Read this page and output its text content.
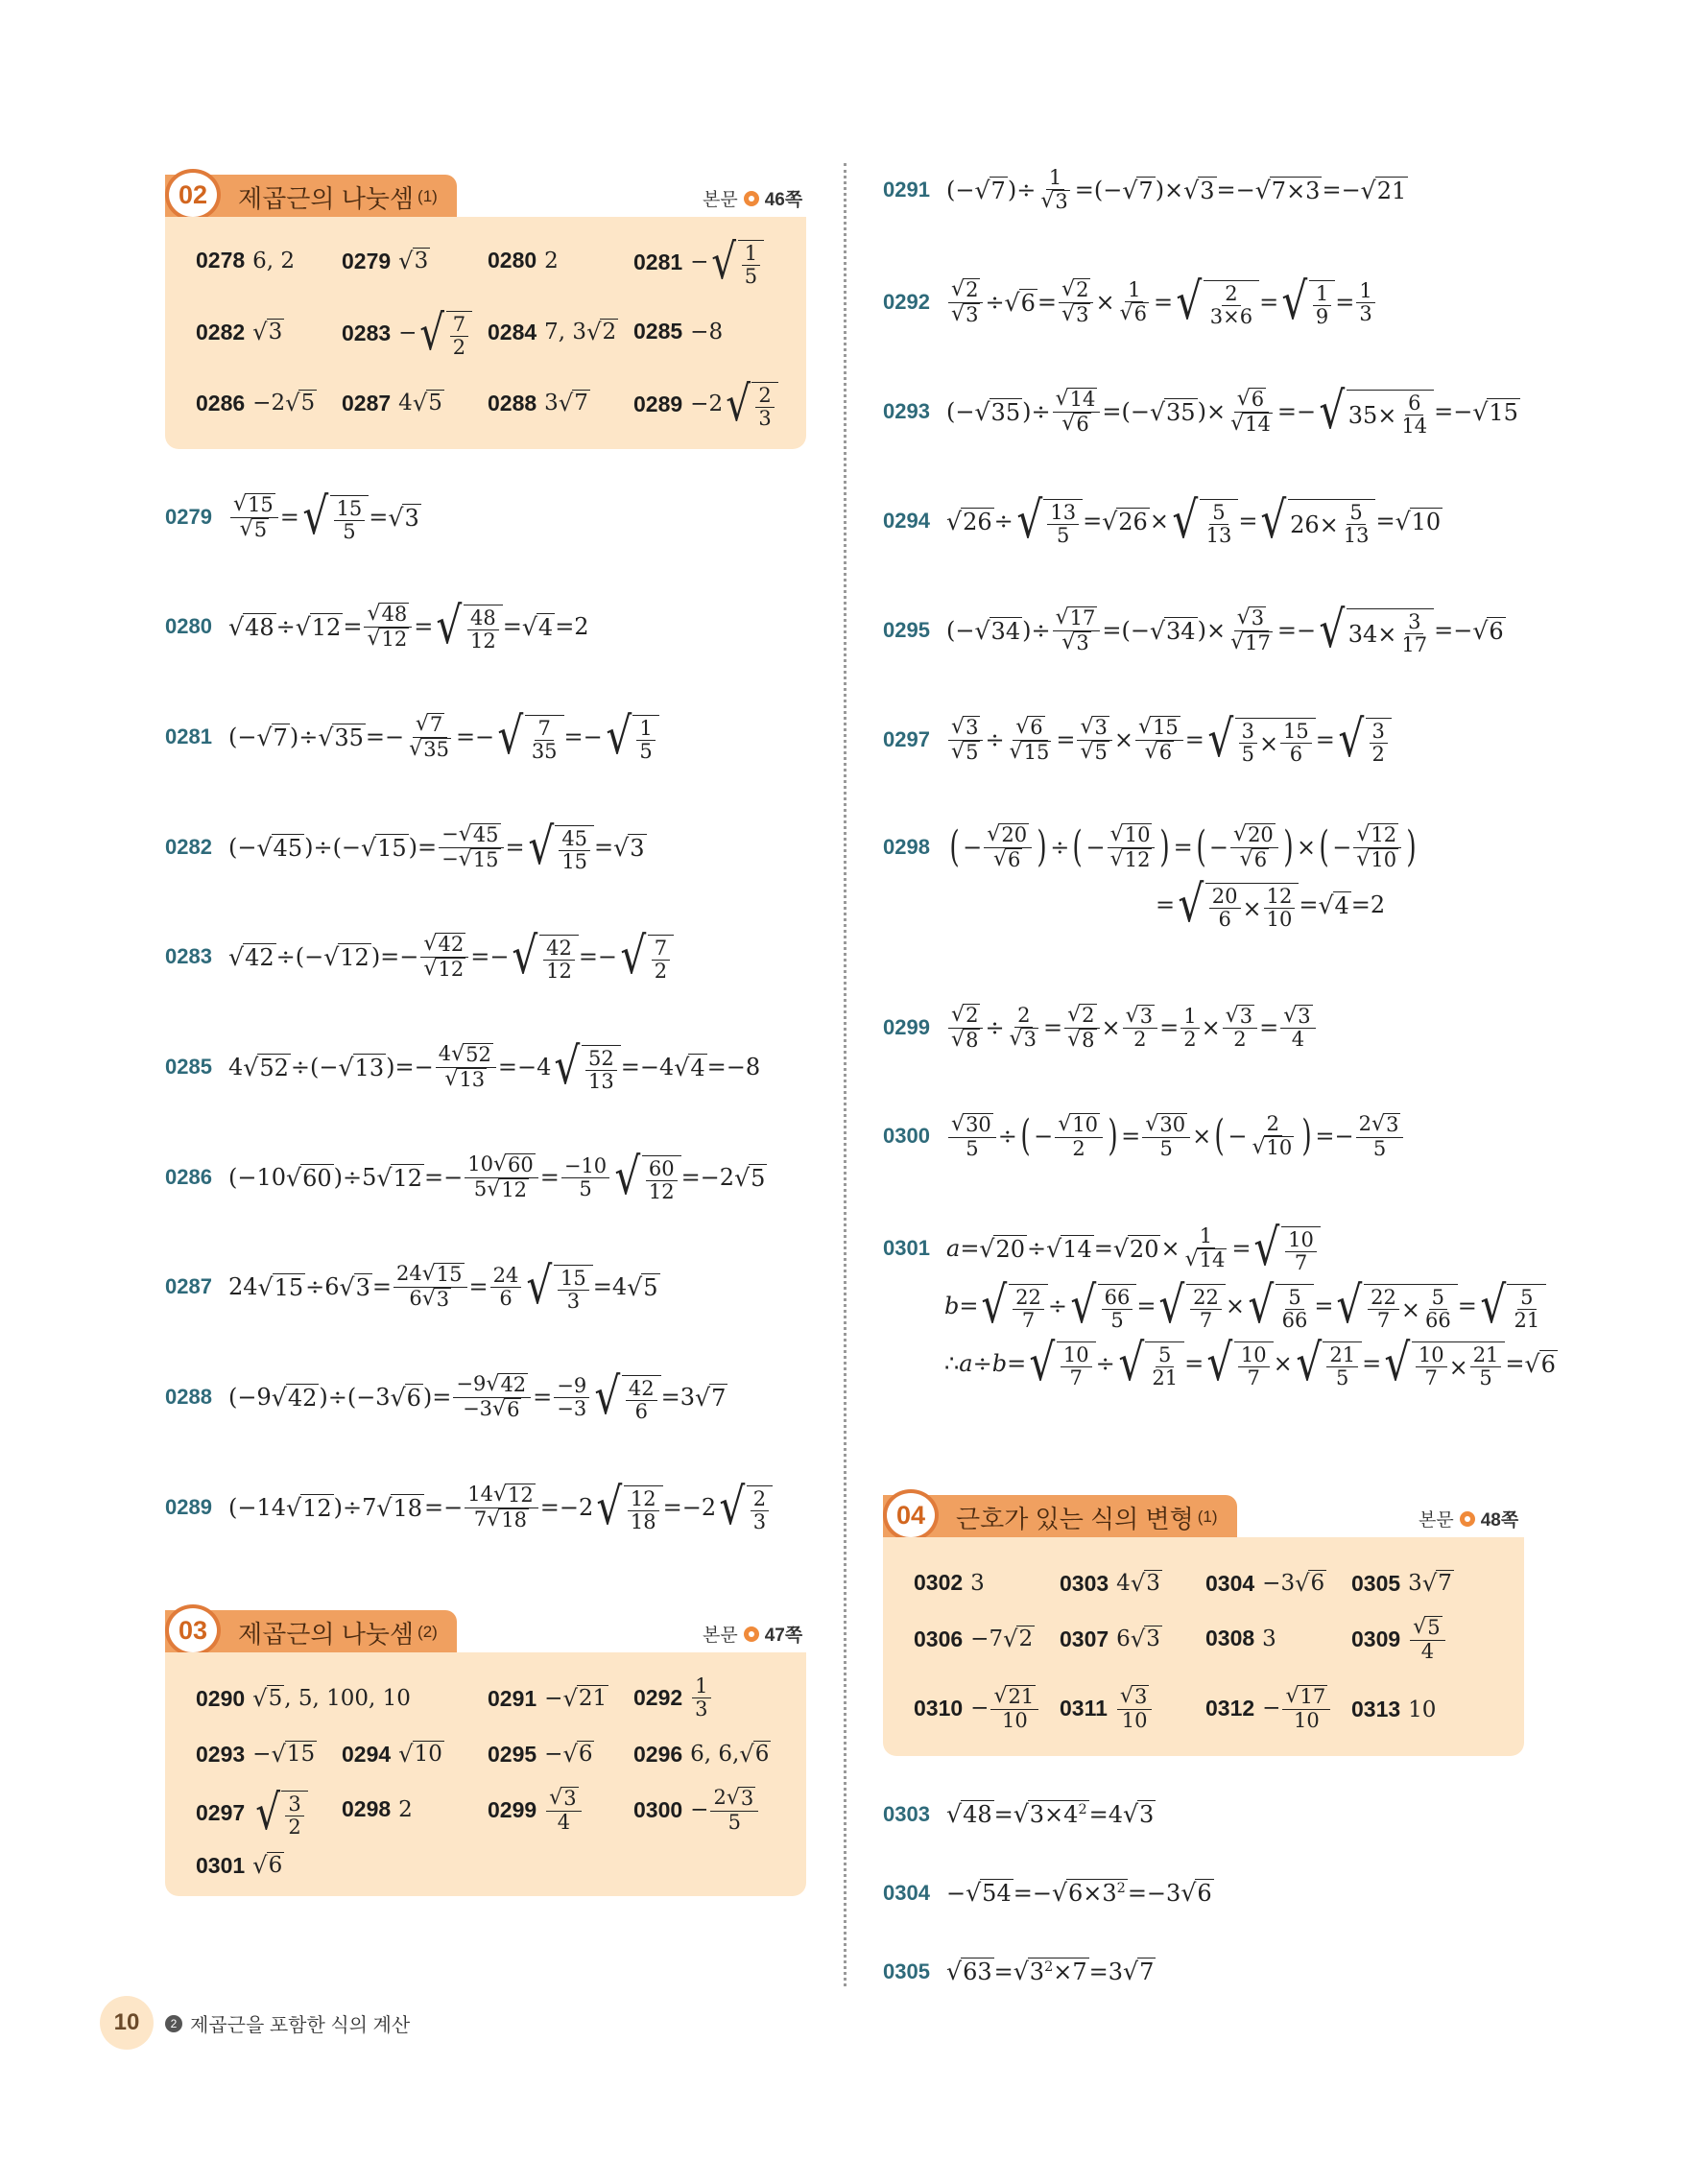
02	제곱근의 나눗셈 (1)	본문 46쪽
0278 6, 2 0279 √ 3	0280 2	0281 − √ $\frac{1}{5}$
0282 √ 3	0283 − √ $\frac{7}{2} 0284$ 7, 3 √ 2 0285 −8
0286 −2 √ 5 0287 4 √ 5 0288 3 √ 7 0289 −2 √ $\frac{2}{3}$
$0279 \frac{√ 15}{√ 5}$ = √ $\frac{15}{5}$ = √ 3
0280 √ 48 ÷ √ $12 = \frac{√ 48}{√ 12}$ = √ $\frac{48}{12}$ = √ 4 =2
0281 (− √ 7 )÷ √ $35 =- \frac{√ 7}{√ 35}$ =− √ $\frac{7}{35}$ =− √ $\frac{1}{5}$
0282 (− √ 45 )÷(− √ 15 )= $\frac{- √ 45}{- √ 15}$ = √ $\frac{45}{15}$ = √ 3
0283 √ 42 ÷(− √ 12 )=− $\frac{√ 42}{√ 12}$ =− √ $\frac{42}{12}$ =− √ $\frac{7}{2}$
0285 4 √ 52 ÷(− √ 13 )=− $\frac{4 √ 52}{√ 13} =-4$ √ $\frac{52}{13} =-4$ √ 4 =−8
0286 (−10 √ 60 )÷5 √ $12 =- \frac{10 √ 60}{5 √ 12} = \frac{-10}{5}$ √ $\frac{60}{12} =-2$ √ 5
0287 24 √ 15 ÷6 √ $3 = \frac{24 √ 15}{6 √ 3} = \frac{24}{6}$ √ $\frac{15}{3} =4$ √ 5
0288 (−9 √ 42 )÷(−3 √ 6 )= $\frac{-9 √ 42}{-3 √ 6} = \frac{-9}{-3}$ √ $\frac{42}{6} =3$ √ 7
0289 (−14 √ 12 )÷7 √ $18 =- \frac{14 √ 12}{7 √ 18} =-2$ √ $\frac{12}{18} =-2$ √ $\frac{2}{3}$
03	제곱근의 나눗셈 (2)	본문 47쪽
0290 √ 5 , 5, 100, 10	0291 − √ 21 $0292 \frac{1}{3}$
0293 − √ 15 0294 √ 10 0295 − √ 6 0296 6, 6, √ 6
0297 √ $\frac{3}{2} 0298$ 2	$0299 \frac{√ 3}{4} 0300 - \frac{2 √ 3}{5}$
0301 √ 6
0291 (− √ 7 )÷ $\frac{1}{√ 3}$ =(− √ 7 )× √ 3 =− √ 7×3 =− √ 21
$0292 \frac{√ 2}{√ 3}$ ÷ √ $6 = \frac{√ 2}{√ 3} \times \frac{1}{√ 6}$ = √ $\frac{2}{3\times 6}$ = √ $\frac{1}{9} = \frac{1}{3}$
0293 (− √ 35 )÷ $\frac{√ 14}{√ 6}$ =(− √ 35 )× $\frac{√ 6}{√ 14}$ =− √ $35\times \frac{6}{14}$ =− √ 15
0294 √ 26 ÷ √ $\frac{13}{5}$ = √ 26 × √ $\frac{5}{13}$ = √ $26\times \frac{5}{13}$ = √ 10
0295 (− √ 34 )÷ $\frac{√ 17}{√ 3}$ =(− √ 34 )× $\frac{√ 3}{√ 17}$ =− √ $34\times \frac{3}{17}$ =− √ 6
$0297 \frac{√ 3}{√ 5} \div \frac{√ 6}{√ 15} = \frac{√ 3}{√ 5} \times \frac{√ 15}{√ 6}$ = √ $\frac{3}{5} \times \frac{15}{6}$ = √ $\frac{3}{2}$
0298 ( − $\frac{√ 20}{√ 6}$ ) ÷ ( − $\frac{√ 10}{√ 12}$ ) = ( − $\frac{√ 20}{√ 6}$ ) × ( − $\frac{√ 12}{√ 10}$ )
= √ $\frac{20}{6} \times \frac{12}{10}$ = √ 4 =2
$0299 \frac{√ 2}{√ 8} \div \frac{2}{√ 3} = \frac{√ 2}{√ 8} \times \frac{√ 3}{2} = \frac{1}{2} \times \frac{√ 3}{2} = \frac{√ 3}{4}$
$0300 \frac{√ 30}{5}$ ÷ ( − $\frac{√ 10}{2}$ ) = $\frac{√ 30}{5}$ × ( − $\frac{2}{√ 10}$ ) =− $\frac{2 √ 3}{5}$
0301 a = √ 20 ÷ √ 14 = √ $20 \times \frac{1}{√ 14}$ = √ $\frac{10}{7}$
b = √ $\frac{22}{7}$ ÷ √ $\frac{66}{5}$ = √ $\frac{22}{7}$ × √ $\frac{5}{66}$ = √ $\frac{22}{7} \times \frac{5}{66}$ = √ $\frac{5}{21}$
∴ a ÷ b = √ $\frac{10}{7}$ ÷ √ $\frac{5}{21}$ = √ $\frac{10}{7}$ × √ $\frac{21}{5}$ = √ $\frac{10}{7} \times \frac{21}{5}$ = √ 6
04	근호가 있는 식의 변형 (1)	본문 48쪽
0302 3	0303 4 √ 3 0304 −3 √ 6 0305 3 √ 7
0306 −7 √ 2 0307 6 √ 3 0308 3	$0309 \frac{√ 5}{4}$
$0310 - \frac{√ 21}{10} 0311 \frac{√ 3}{10} 0312 - \frac{√ 17}{10} 0313$ 10
0303 √ 48 = √ $3\times 4^2 =4$ √ 3
0304 − √ 54 =− √ $6\times 3^2 =-3$ √ 6
0305 √ 63 = √ $3^2\times 7 =3$ √ 7
10	2 제곱근을 포함한 식의 계산
